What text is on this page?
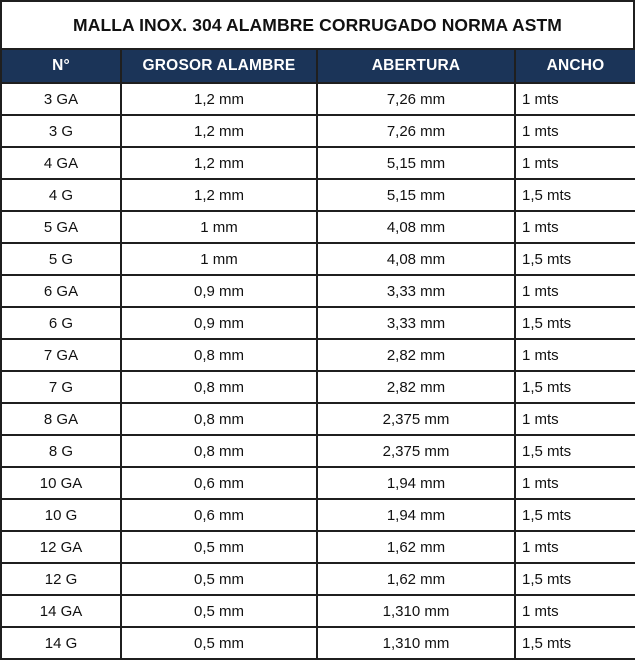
MALLA INOX. 304 ALAMBRE CORRUGADO NORMA ASTM
N°	GROSOR ALAMBRE	ABERTURA	ANCHO
3 GA	1,2 mm	7,26 mm	1 mts
3 G	1,2 mm	7,26 mm	1 mts
4 GA	1,2 mm	5,15 mm	1 mts
4 G	1,2 mm	5,15 mm	1,5 mts
5 GA	1 mm	4,08 mm	1 mts
5 G	1 mm	4,08 mm	1,5 mts
6 GA	0,9 mm	3,33 mm	1 mts
6 G	0,9 mm	3,33 mm	1,5 mts
7 GA	0,8 mm	2,82 mm	1 mts
7 G	0,8 mm	2,82 mm	1,5 mts
8 GA	0,8 mm	2,375 mm	1 mts
8 G	0,8 mm	2,375 mm	1,5 mts
10 GA	0,6 mm	1,94 mm	1 mts
10 G	0,6 mm	1,94 mm	1,5 mts
12 GA	0,5 mm	1,62 mm	1 mts
12 G	0,5 mm	1,62 mm	1,5 mts
14 GA	0,5 mm	1,310 mm	1 mts
14 G	0,5 mm	1,310 mm	1,5 mts
